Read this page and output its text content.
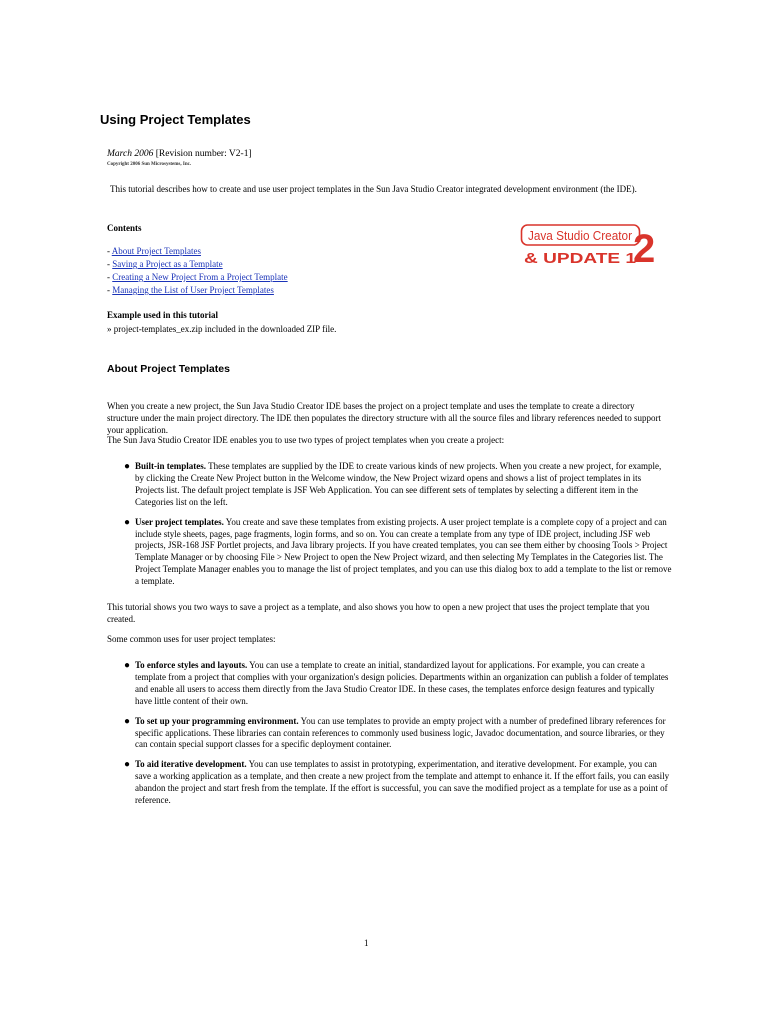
Using Project Templates
March 2006 [Revision number: V2-1]
Copyright 2006 Sun Microsystems, Inc.
This tutorial describes how to create and use user project templates in the Sun Java Studio Creator integrated development environment (the IDE).
Contents
- About Project Templates
- Saving a Project as a Template
- Creating a New Project From a Project Template
- Managing the List of User Project Templates
Java Studio Creator
& UPDATE 1
2
Example used in this tutorial
» project-templates_ex.zip included in the downloaded ZIP file.
About Project Templates
When you create a new project, the Sun Java Studio Creator IDE bases the project on a project template and uses the template to create a directory structure under the main project directory. The IDE then populates the directory structure with all the source files and library references needed to support your application.
The Sun Java Studio Creator IDE enables you to use two types of project templates when you create a project:
● Built-in templates. These templates are supplied by the IDE to create various kinds of new projects. When you create a new project, for example, by clicking the Create New Project button in the Welcome window, the New Project wizard opens and shows a list of project templates in its Projects list. The default project template is JSF Web Application. You can see different sets of templates by selecting a different item in the Categories list on the left.
● User project templates. You create and save these templates from existing projects. A user project template is a complete copy of a project and can include style sheets, pages, page fragments, login forms, and so on. You can create a template from any type of IDE project, including JSF web projects, JSR-168 JSF Portlet projects, and Java library projects. If you have created templates, you can see them either by choosing Tools > Project Template Manager or by choosing File > New Project to open the New Project wizard, and then selecting My Templates in the Categories list. The Project Template Manager enables you to manage the list of project templates, and you can use this dialog box to add a template to the list or remove a template.
This tutorial shows you two ways to save a project as a template, and also shows you how to open a new project that uses the project template that you created.
Some common uses for user project templates:
● To enforce styles and layouts. You can use a template to create an initial, standardized layout for applications. For example, you can create a template from a project that complies with your organization's design policies. Departments within an organization can publish a folder of templates and enable all users to access them directly from the Java Studio Creator IDE. In these cases, the templates enforce design features and typically have little content of their own.
● To set up your programming environment. You can use templates to provide an empty project with a number of predefined library references for specific applications. These libraries can contain references to commonly used business logic, Javadoc documentation, and source libraries, or they can contain special support classes for a specific deployment container.
● To aid iterative development. You can use templates to assist in prototyping, experimentation, and iterative development. For example, you can save a working application as a template, and then create a new project from the template and attempt to enhance it. If the effort fails, you can easily abandon the project and start fresh from the template. If the effort is successful, you can save the modified project as a template for use as a point of reference.
1
